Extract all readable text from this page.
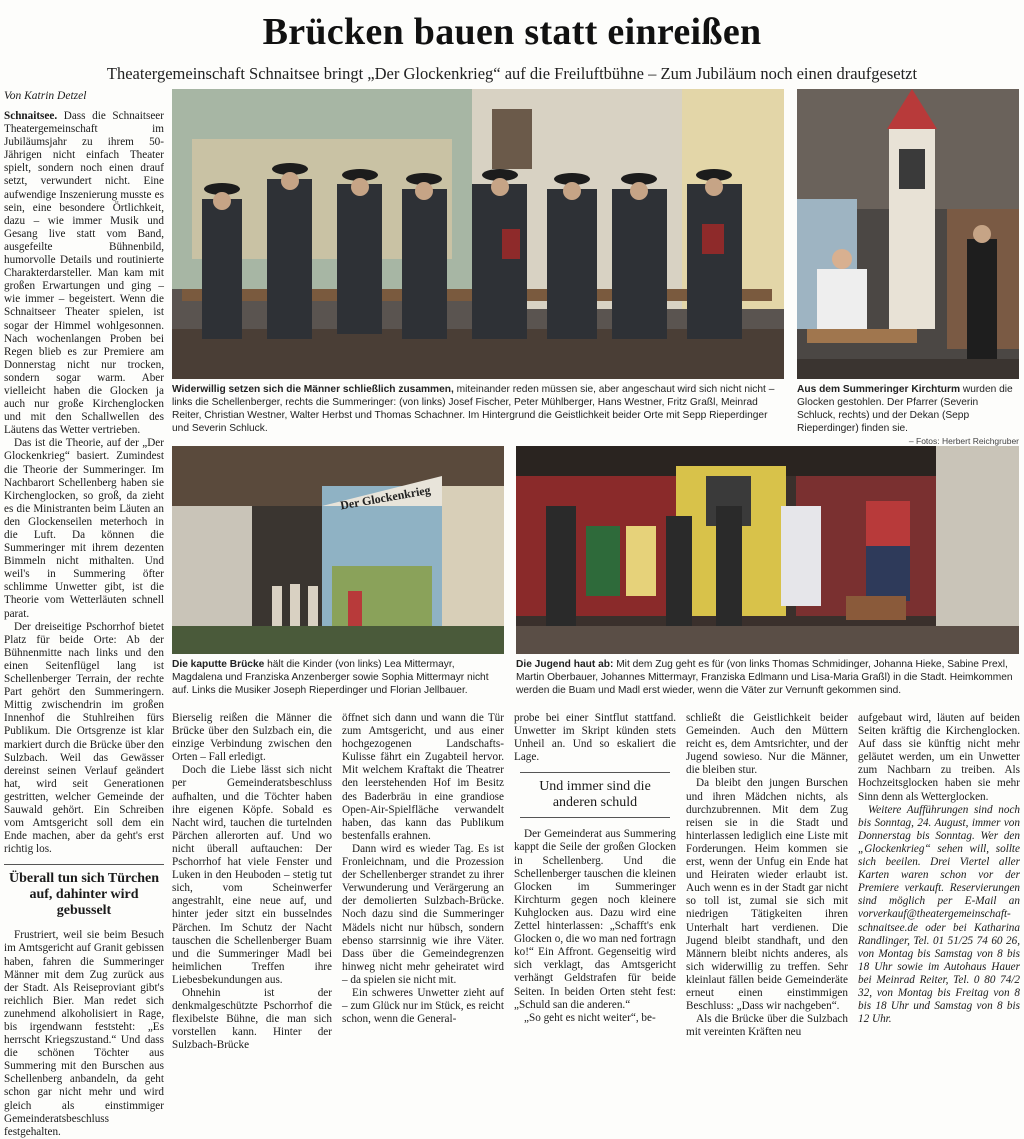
Brücken bauen statt einreißen
Theatergemeinschaft Schnaitsee bringt „Der Glockenkrieg“ auf die Freiluftbühne – Zum Jubiläum noch einen draufgesetzt
Von Katrin Detzel

Schnaitsee. Dass die Schnaitseer Theatergemeinschaft im Jubiläumsjahr zu ihrem 50-Jährigen nicht einfach Theater spielt, sondern noch einen drauf setzt, verwundert nicht. Eine aufwendige Inszenierung musste es sein, eine besondere Örtlichkeit, dazu – wie immer Musik und Gesang live statt vom Band, ausgefeilte Bühnenbild, humorvolle Details und routinierte Charakterdarsteller. Man kam mit großen Erwartungen und ging – wie immer – begeistert. Wenn die Schnaitseer Theater spielen, ist sogar der Himmel wohlgesonnen. Nach wochenlangen Proben bei Regen blieb es zur Premiere am Donnerstag nicht nur trocken, sondern sogar warm. Aber vielleicht haben die Glocken ja auch nur große Kirchenglocken und mit den Schallwellen des Läutens das Wetter vertrieben.

Das ist die Theorie, auf der „Der Glockenkrieg“ basiert. Zumindest die Theorie der Summeringer. Im Nachbarort Schellenberg haben sie Kirchenglocken, so groß, da zieht es die Ministranten beim Läuten an den Glockenseilen meterhoch in die Luft. Da können die Summeringer mit ihrem dezenten Bimmeln nicht mithalten. Und weil's in Summering öfter schlimme Unwetter gibt, ist die Theorie vom Wetterläuten schnell parat.

Der dreiseitige Pschorrhof bietet Platz für beide Orte: Ab der Bühnenmitte nach links und den einen Seitenflügel lang ist Schellenberger Terrain, der rechte Part gehört den Summeringern. Mittig zwischendrin im großen Innenhof die Stuhlreihen fürs Publikum. Die Ortsgrenze ist klar markiert durch die Brücke über den Sulzbach. Weil das Gewässer dereinst seinen Verlauf geändert hat, wird seit Generationen gestritten, welcher Gemeinde der Sauwald gehört. Ein Schreiben vom Amtsgericht soll dem ein Ende machen, aber da geht's erst richtig los.

Überall tun sich Türchen auf, dahinter wird gebusselt

Frustriert, weil sie beim Besuch im Amtsgericht auf Granit gebissen haben, fahren die Summeringer Männer mit dem Zug zurück aus der Stadt. Als Reiseproviant gibt's reichlich Bier. Man redet sich zunehmend alkoholisiert in Rage, bis irgendwann feststeht: „Es herrscht Kriegszustand.“ Und dass die schönen Töchter aus Summering mit den Burschen aus Schellenberg anbandeln, da geht schon gar nicht mehr und wird gleich als einstimmiger Gemeinderatsbeschluss festgehalten.

Widerwillig setzen sich die Männer schließlich zusammen, miteinander reden müssen sie, aber angeschaut wird sich nicht nicht – links die Schellenberger, rechts die Summeringer: (von links) Josef Fischer, Peter Mühlberger, Hans Westner, Fritz Graßl, Meinrad Reiter, Christian Westner, Walter Herbst und Thomas Schachner. Im Hintergrund die Geistlichkeit beider Orte mit Sepp Rieperdinger und Severin Schluck.
Aus dem Summeringer Kirchturm wurden die Glocken gestohlen. Der Pfarrer (Severin Schluck, rechts) und der Dekan (Sepp Rieperdinger) finden sie.
– Fotos: Herbert Reichgruber
Der Glockenkrieg
Die kaputte Brücke hält die Kinder (von links) Lea Mittermayr, Magdalena und Franziska Anzenberger sowie Sophia Mittermayr nicht auf. Links die Musiker Joseph Rieperdinger und Florian Jellbauer.
Die Jugend haut ab: Mit dem Zug geht es für (von links Thomas Schmidinger, Johanna Hieke, Sabine Prexl, Martin Oberbauer, Johannes Mittermayr, Franziska Edlmann und Lisa-Maria Graßl) in die Stadt. Heimkommen werden die Buam und Madl erst wieder, wenn die Väter zur Vernunft gekommen sind.

Bierselig reißen die Männer die Brücke über den Sulzbach ein, die einzige Verbindung zwischen den Orten – Fall erledigt.

Doch die Liebe lässt sich nicht per Gemeinderatsbeschluss aufhalten, und die Töchter haben ihre eigenen Köpfe. Sobald es Nacht wird, tauchen die turtelnden Pärchen allerorten auf. Und wo nicht überall auftauchen: Der Pschorrhof hat viele Fenster und Luken in den Heuboden – stetig tut sich, vom Scheinwerfer angestrahlt, eine neue auf, und hinter jeder sitzt ein busselndes Pärchen. Im Schutz der Nacht tauschen die Schellenberger Buam und die Summeringer Madl bei heimlichen Treffen ihre Liebesbekundungen aus.

Ohnehin ist der denkmalgeschützte Pschorrhof die flexibelste Bühne, die man sich vorstellen kann. Hinter der Sulzbach-Brücke

öffnet sich dann und wann die Tür zum Amtsgericht, und aus einer hochgezogenen Landschafts-Kulisse fährt ein Zugabteil hervor. Mit welchem Kraftakt die Theatrer den leerstehenden Hof im Besitz des Baderbräu in eine grandiose Open-Air-Spielfläche verwandelt haben, das kann das Publikum bestenfalls erahnen.

Dann wird es wieder Tag. Es ist Fronleichnam, und die Prozession der Schellenberger strandet zu ihrer Verwunderung und Verärgerung an der demolierten Sulzbach-Brücke. Noch dazu sind die Summeringer Mädels nicht nur hübsch, sondern ebenso starrsinnig wie ihre Väter. Dass über die Gemeindegrenzen hinweg nicht mehr geheiratet wird – da spielen sie nicht mit.

Ein schweres Unwetter zieht auf – zum Glück nur im Stück, es reicht schon, wenn die General-

probe bei einer Sintflut stattfand. Unwetter im Skript künden stets Unheil an. Und so eskaliert die Lage.

Und immer sind die anderen schuld

Der Gemeinderat aus Summering kappt die Seile der großen Glocken in Schellenberg. Und die Schellenberger tauschen die kleinen Glocken im Summeringer Kirchturm gegen noch kleinere Kuhglocken aus. Dazu wird eine Zettel hinterlassen: „Schafft's enk Glocken o, die wo man ned fortragn ko!“ Ein Affront. Gegenseitig wird sich verklagt, das Amtsgericht verhängt Geldstrafen für beide Seiten. In beiden Orten steht fest: „Schuld san die anderen.“

„So geht es nicht weiter“, be-

schließt die Geistlichkeit beider Gemeinden. Auch den Müttern reicht es, dem Amtsrichter, und der Jugend sowieso. Nur die Männer, die bleiben stur.

Da bleibt den jungen Burschen und ihren Mädchen nichts, als durchzubrennen. Mit dem Zug reisen sie in die Stadt und hinterlassen lediglich eine Liste mit Forderungen. Heim kommen sie erst, wenn der Unfug ein Ende hat und Heiraten wieder erlaubt ist. Auch wenn es in der Stadt gar nicht so toll ist, zumal sie sich mit niedrigen Tätigkeiten ihren Unterhalt hart verdienen. Die Jugend bleibt standhaft, und den Männern bleibt nichts anderes, als sich widerwillig zu treffen. Sehr kleinlaut fällen beide Gemeinderäte erneut einen einstimmigen Beschluss: „Dass wir nachgeben“.

Als die Brücke über die Sulzbach mit vereinten Kräften neu

aufgebaut wird, läuten auf beiden Seiten kräftig die Kirchenglocken. Auf dass sie künftig nicht mehr geläutet werden, um ein Unwetter zum Nachbarn zu treiben. Als Hochzeitsglocken haben sie mehr Sinn denn als Wetterglocken.

Weitere Aufführungen sind noch bis Sonntag, 24. August, immer von Donnerstag bis Sonntag. Wer den „Glockenkrieg“ sehen will, sollte sich beeilen. Drei Viertel aller Karten waren schon vor der Premiere verkauft. Reservierungen sind möglich per E-Mail an vorverkauf@theatergemeinschaft-schnaitsee.de oder bei Katharina Randlinger, Tel. 01 51/25 74 60 26, von Montag bis Samstag von 8 bis 18 Uhr sowie im Autohaus Hauer bei Meinrad Reiter, Tel. 0 80 74/2 32, von Montag bis Freitag von 8 bis 18 Uhr und Samstag von 8 bis 12 Uhr.
